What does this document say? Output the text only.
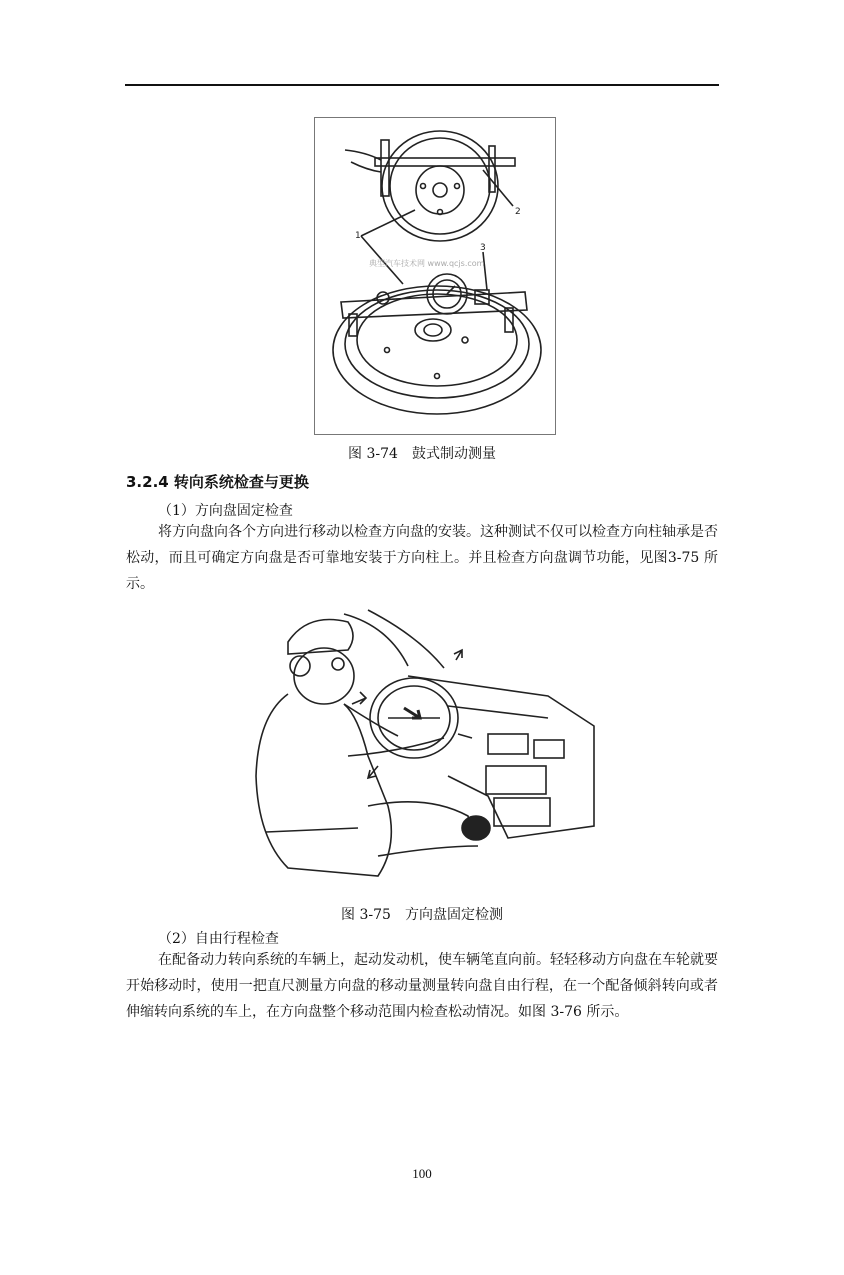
1
2
3
典型汽车技术网 www.qcjs.com
图 3-74　鼓式制动测量
3.2.4 转向系统检查与更换
（1）方向盘固定检查

将方向盘向各个方向进行移动以检查方向盘的安装。这种测试不仅可以检查方向柱轴承是否松动，而且可确定方向盘是否可靠地安装于方向柱上。并且检查方向盘调节功能，见图3-75 所示。

图 3-75　方向盘固定检测
（2）自由行程检查

在配备动力转向系统的车辆上，起动发动机，使车辆笔直向前。轻轻移动方向盘在车轮就要开始移动时，使用一把直尺测量方向盘的移动量测量转向盘自由行程，在一个配备倾斜转向或者伸缩转向系统的车上，在方向盘整个移动范围内检查松动情况。如图 3-76 所示。

100
